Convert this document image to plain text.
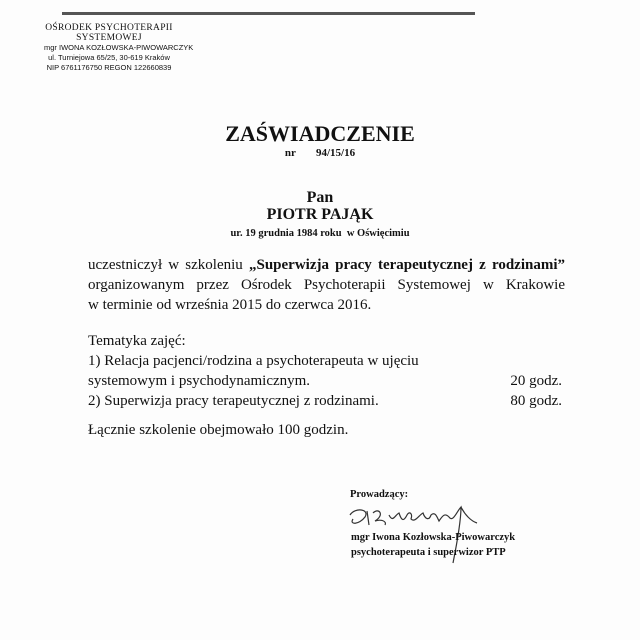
OŚRODEK PSYCHOTERAPII
SYSTEMOWEJ
mgr IWONA KOZŁOWSKA-PIWOWARCZYK
ul. Turniejowa 65/25, 30-619 Kraków
NIP 6761176750 REGON 122660839
ZAŚWIADCZENIE
nr   94/15/16
Pan
PIOTR PAJĄK
ur. 19 grudnia 1984 roku  w Oświęcimiu
uczestniczył w szkoleniu „Superwizja pracy terapeutycznej z rodzinami”
organizowanym przez Ośrodek Psychoterapii Systemowej w Krakowie
w terminie od września 2015 do czerwca 2016.
Tematyka zajęć:
1) Relacja pacjenci/rodzina a psychoterapeuta w ujęciu
systemowym i psychodynamicznym.	20 godz.
2) Superwizja pracy terapeutycznej z rodzinami.	80 godz.
Łącznie szkolenie obejmowało 100 godzin.
Prowadzący:
mgr Iwona Kozłowska-Piwowarczyk
psychoterapeuta i superwizor PTP
